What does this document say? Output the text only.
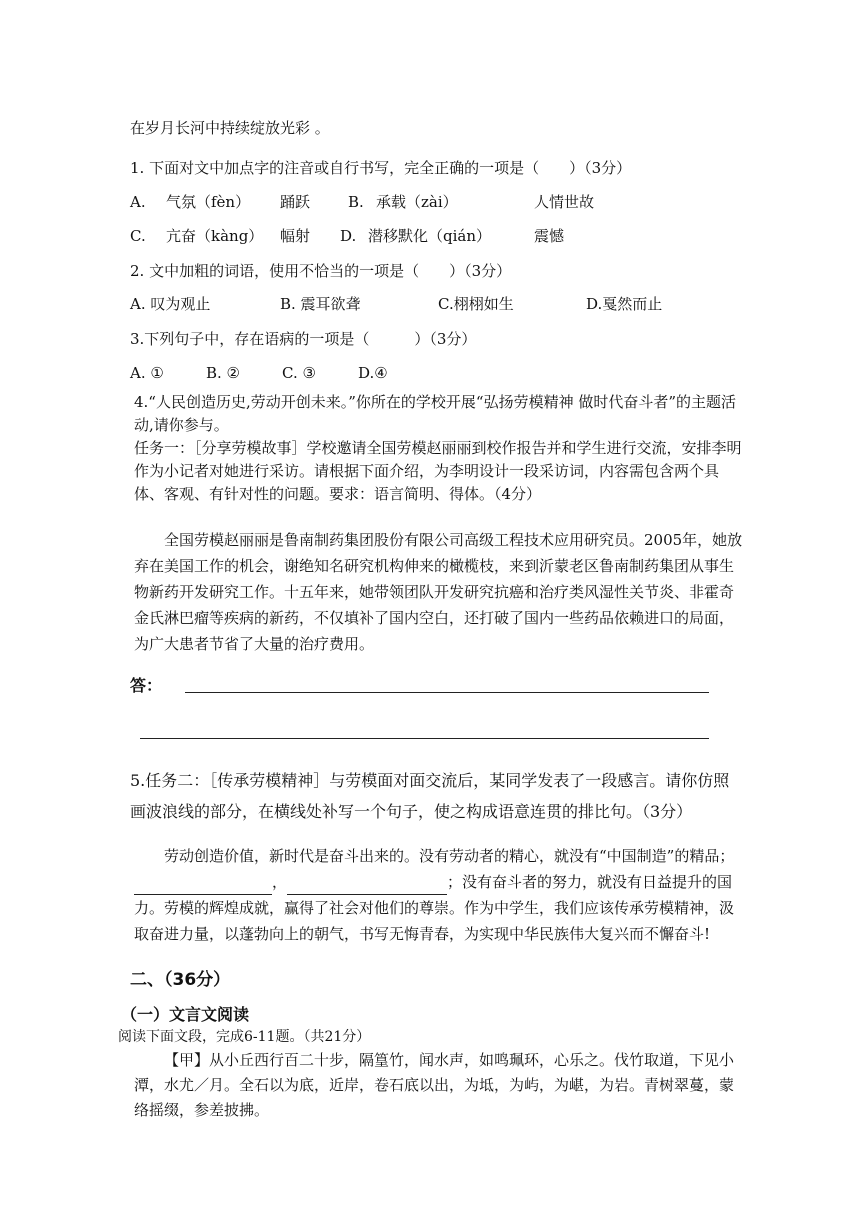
在岁月长河中持续绽放光彩 。
1. 下面对文中加点字的注音或自行书写，完全正确的一项是（　　）（3分）
A. 气氛（fèn） 踊跃	B. 承载（zài）	人情世故
C. 亢奋（kàng） 幅射 D. 潜移默化（qián）	震憾
2. 文中加粗的词语，使用不恰当的一项是（　　）（3分）
A. 叹为观止	B. 震耳欲聋	C.栩栩如生	D.戛然而止
3.下列句子中，存在语病的一项是（　　　）（3分）
A. ①	B. ②	C. ③	D.④
4.“人民创造历史,劳动开创未来。”你所在的学校开展“弘扬劳模精神 做时代奋斗者”的主题活动,请你参与。
任务一：［分享劳模故事］学校邀请全国劳模赵丽丽到校作报告并和学生进行交流，安排李明作为小记者对她进行采访。请根据下面介绍，为李明设计一段采访词，内容需包含两个具体、客观、有针对性的问题。要求：语言简明、得体。（4分）
全国劳模赵丽丽是鲁南制药集团股份有限公司高级工程技术应用研究员。2005年，她放弃在美国工作的机会，谢绝知名研究机构伸来的橄榄枝，来到沂蒙老区鲁南制药集团从事生物新药开发研究工作。十五年来，她带领团队开发研究抗癌和治疗类风湿性关节炎、非霍奇金氏淋巴瘤等疾病的新药，不仅填补了国内空白，还打破了国内一些药品依赖进口的局面，为广大患者节省了大量的治疗费用。
答：
5.任务二：［传承劳模精神］与劳模面对面交流后，某同学发表了一段感言。请你仿照画波浪线的部分，在横线处补写一个句子，使之构成语意连贯的排比句。（3分）
劳动创造价值，新时代是奋斗出来的。没有劳动者的精心，就没有“中国制造”的精品；，	；没有奋斗者的努力，就没有日益提升的国力。劳模的辉煌成就，赢得了社会对他们的尊崇。作为中学生，我们应该传承劳模精神，汲取奋进力量，以蓬勃向上的朝气，书写无悔青春，为实现中华民族伟大复兴而不懈奋斗!
二、（36分）
（一）文言文阅读
阅读下面文段，完成6-11题。（共21分）
【甲】从小丘西行百二十步，隔篁竹，闻水声，如鸣珮环，心乐之。伐竹取道，下见小潭，水尤／月。全石以为底，近岸，卷石底以出，为坻，为屿，为嵁，为岩。青树翠蔓，蒙络摇缀，参差披拂。
